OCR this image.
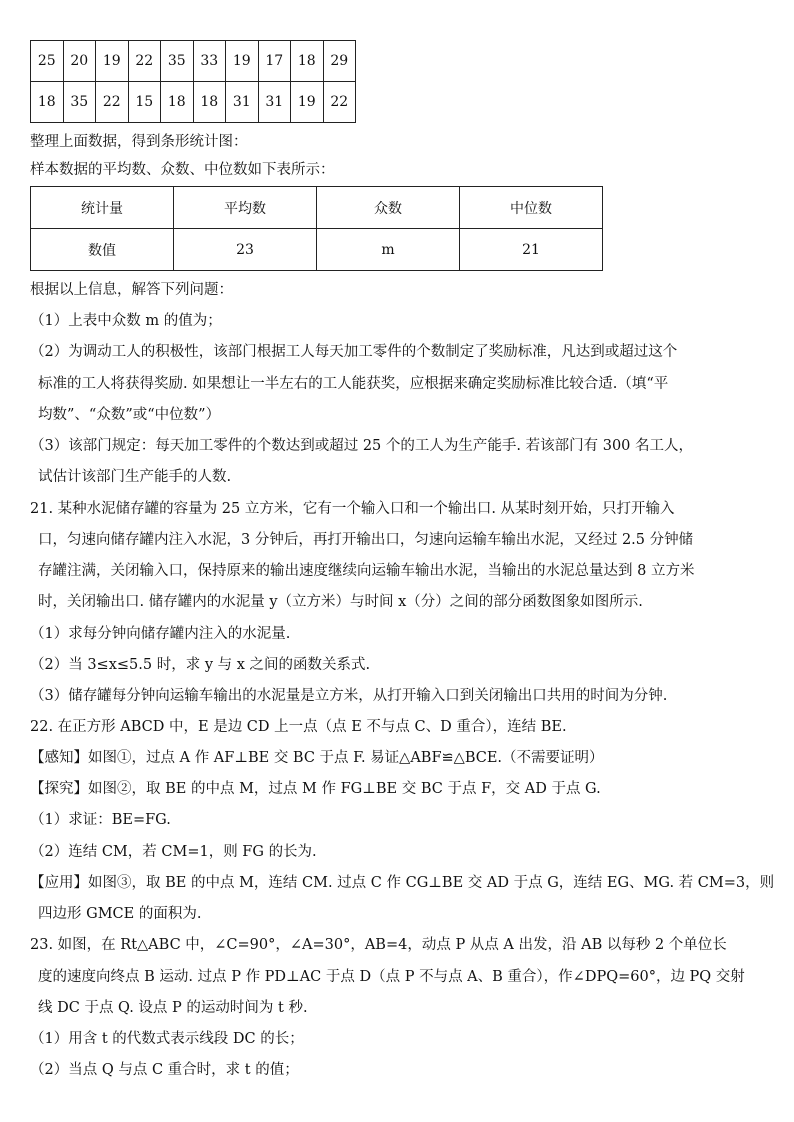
25	20	19	22	35	33	19	17	18	29
18	35	22	15	18	18	31	31	19	22
整理上面数据，得到条形统计图：
样本数据的平均数、众数、中位数如下表所示：
统计量	平均数	众数	中位数
数值	23	m	21
根据以上信息，解答下列问题：
（1）上表中众数 m 的值为；
（2）为调动工人的积极性，该部门根据工人每天加工零件的个数制定了奖励标准，凡达到或超过这个
标准的工人将获得奖励. 如果想让一半左右的工人能获奖，应根据来确定奖励标准比较合适.（填“平
均数”、“众数”或“中位数”）
（3）该部门规定：每天加工零件的个数达到或超过 25 个的工人为生产能手. 若该部门有 300 名工人，
试估计该部门生产能手的人数.
21. 某种水泥储存罐的容量为 25 立方米，它有一个输入口和一个输出口. 从某时刻开始，只打开输入
口，匀速向储存罐内注入水泥，3 分钟后，再打开输出口，匀速向运输车输出水泥，又经过 2.5 分钟储
存罐注满，关闭输入口，保持原来的输出速度继续向运输车输出水泥，当输出的水泥总量达到 8 立方米
时，关闭输出口. 储存罐内的水泥量 y（立方米）与时间 x（分）之间的部分函数图象如图所示.
（1）求每分钟向储存罐内注入的水泥量.
（2）当 3≤x≤5.5 时，求 y 与 x 之间的函数关系式.
（3）储存罐每分钟向运输车输出的水泥量是立方米，从打开输入口到关闭输出口共用的时间为分钟.
22. 在正方形 ABCD 中，E 是边 CD 上一点（点 E 不与点 C、D 重合），连结 BE.
【感知】如图①，过点 A 作 AF⊥BE 交 BC 于点 F. 易证△ABF≌△BCE.（不需要证明）
【探究】如图②，取 BE 的中点 M，过点 M 作 FG⊥BE 交 BC 于点 F，交 AD 于点 G.
（1）求证：BE=FG.
（2）连结 CM，若 CM=1，则 FG 的长为.
【应用】如图③，取 BE 的中点 M，连结 CM. 过点 C 作 CG⊥BE 交 AD 于点 G，连结 EG、MG. 若 CM=3，则
四边形 GMCE 的面积为.
23. 如图，在 Rt△ABC 中，∠C=90°，∠A=30°，AB=4，动点 P 从点 A 出发，沿 AB 以每秒 2 个单位长
度的速度向终点 B 运动. 过点 P 作 PD⊥AC 于点 D（点 P 不与点 A、B 重合），作∠DPQ=60°，边 PQ 交射
线 DC 于点 Q. 设点 P 的运动时间为 t 秒.
（1）用含 t 的代数式表示线段 DC 的长；
（2）当点 Q 与点 C 重合时，求 t 的值；
